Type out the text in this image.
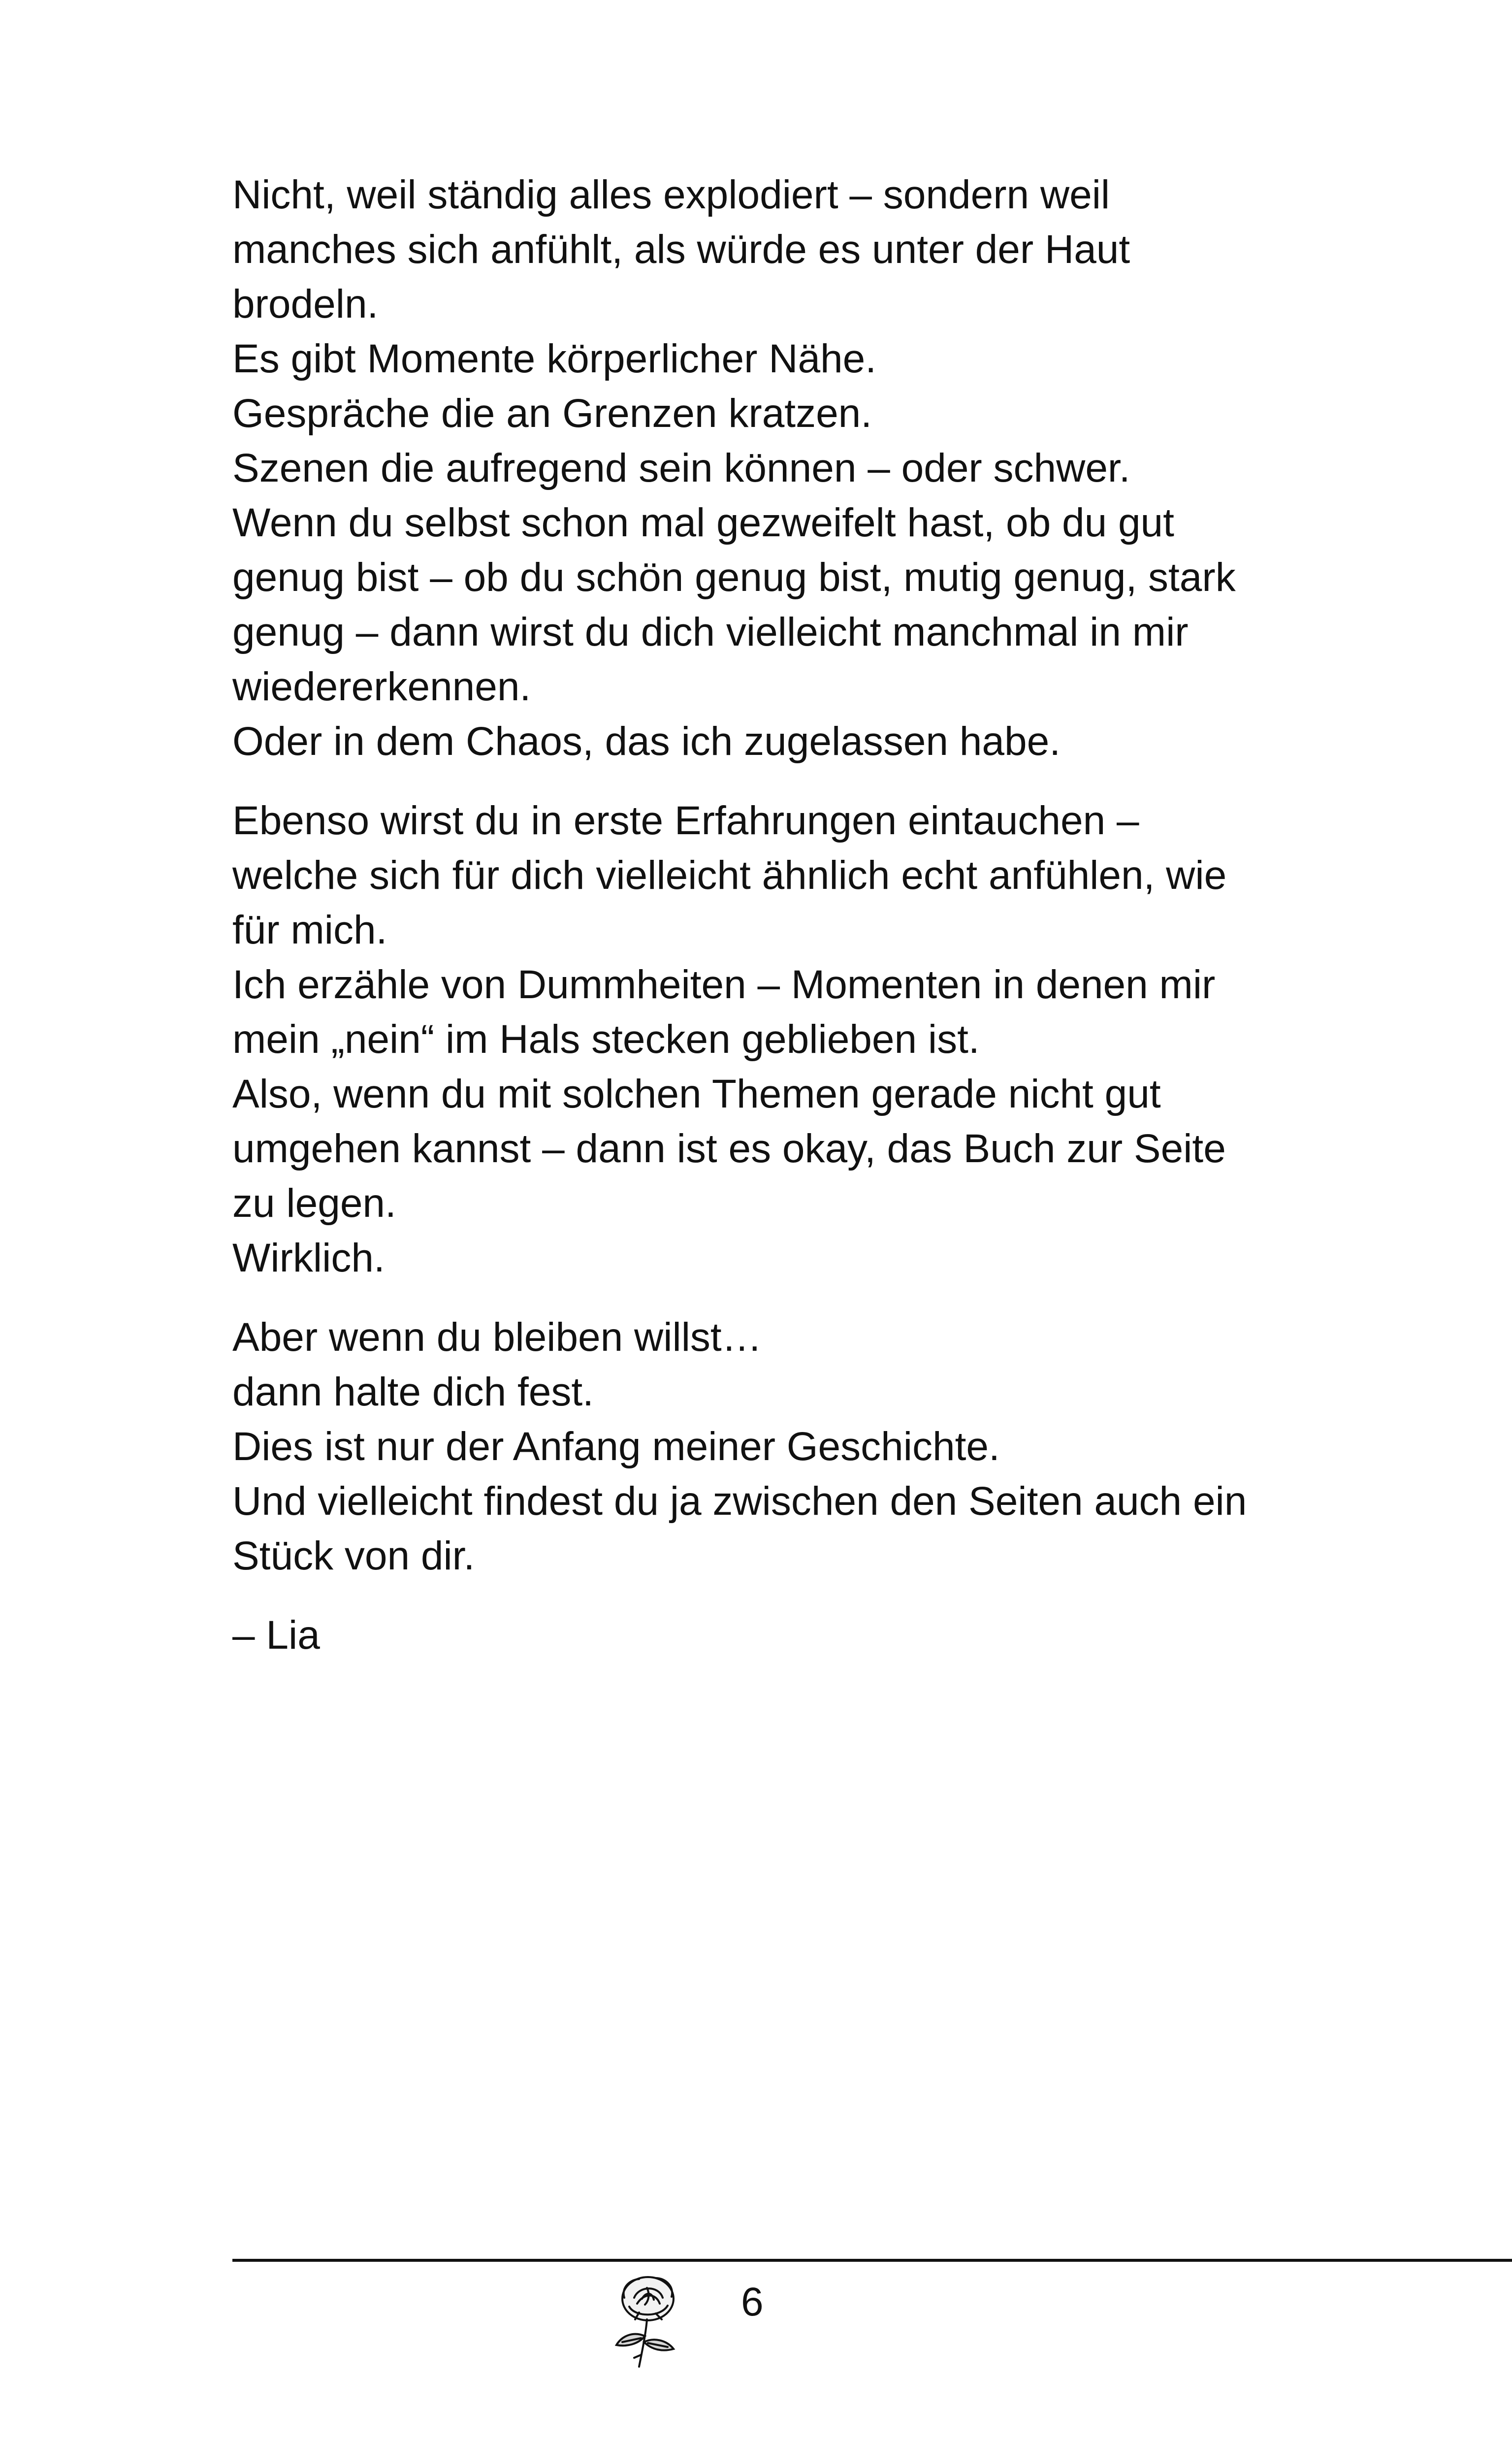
Nicht, weil ständig alles explodiert – sondern weil
manches sich anfühlt, als würde es unter der Haut
brodeln.
Es gibt Momente körperlicher Nähe.
Gespräche die an Grenzen kratzen.
Szenen die aufregend sein können – oder schwer.
Wenn du selbst schon mal gezweifelt hast, ob du gut
genug bist – ob du schön genug bist, mutig genug, stark
genug – dann wirst du dich vielleicht manchmal in mir
wiedererkennen.
Oder in dem Chaos, das ich zugelassen habe.

Ebenso wirst du in erste Erfahrungen eintauchen –
welche sich für dich vielleicht ähnlich echt anfühlen, wie
für mich.
Ich erzähle von Dummheiten – Momenten in denen mir
mein „nein“ im Hals stecken geblieben ist.
Also, wenn du mit solchen Themen gerade nicht gut
umgehen kannst – dann ist es okay, das Buch zur Seite
zu legen.
Wirklich.

Aber wenn du bleiben willst…
dann halte dich fest.
Dies ist nur der Anfang meiner Geschichte.
Und vielleicht findest du ja zwischen den Seiten auch ein
Stück von dir.

– Lia

6
